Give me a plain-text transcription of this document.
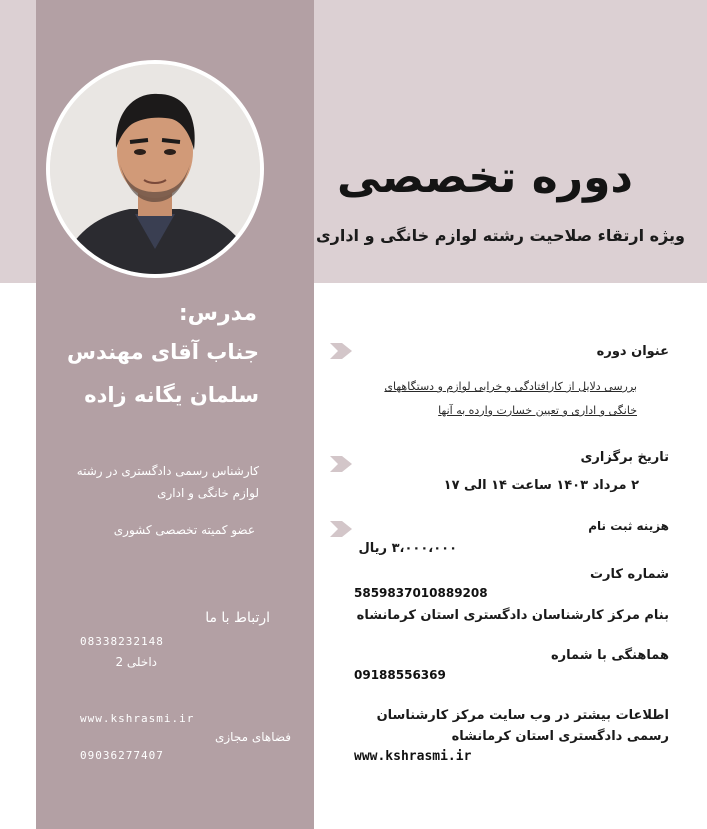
دوره تخصصی
ویژه ارتقاء صلاحیت رشته لوازم خانگی و اداری
مدرس:
جناب آقای مهندس
سلمان یگانه زاده
کارشناس رسمی دادگستری در رشته لوازم خانگی و اداری
عضو کمیته تخصصی کشوری
ارتباط با ما
08338232148
داخلی 2
www.kshrasmi.ir
فضاهای مجازی
09036277407
عنوان دوره
بررسی دلایل از کارافتادگی و خرابی لوازم و دستگاههای خانگی و اداری و تعیین خسارت وارده به آنها
تاریخ برگزاری
۲ مرداد ۱۴۰۳ ساعت ۱۴ الی ۱۷
هزینه ثبت نام
۳،۰۰۰،۰۰۰ ریال
شماره کارت
5859837010889208
بنام مرکز کارشناسان دادگستری استان کرمانشاه
هماهنگی با شماره
09188556369
اطلاعات بیشتر در وب سایت مرکز کارشناسان
رسمی دادگستری استان کرمانشاه
www.kshrasmi.ir
